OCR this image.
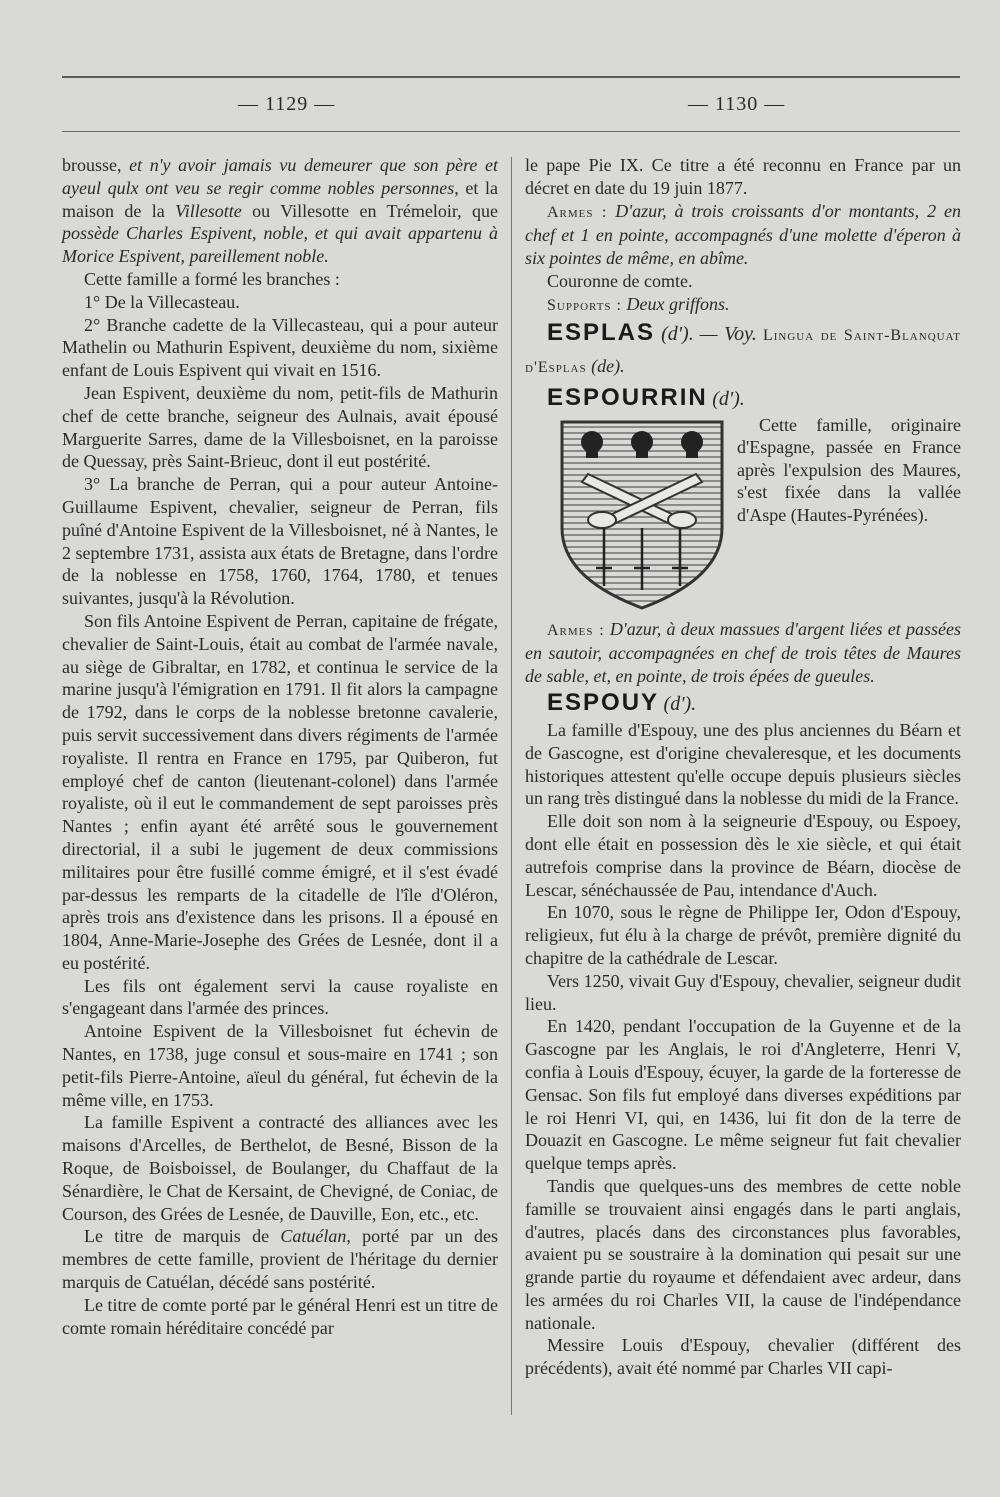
— 1129 —	— 1130 —

brousse, et n'y avoir jamais vu demeurer que son père et ayeul qulx ont veu se regir comme nobles personnes, et la maison de la Villesotte ou Villesotte en Trémeloir, que possède Charles Espivent, noble, et qui avait appartenu à Morice Espivent, pareillement noble.

Cette famille a formé les branches :

1° De la Villecasteau.

2° Branche cadette de la Villecasteau, qui a pour auteur Mathelin ou Mathurin Espivent, deuxième du nom, sixième enfant de Louis Espivent qui vivait en 1516.

Jean Espivent, deuxième du nom, petit-fils de Mathurin chef de cette branche, seigneur des Aulnais, avait épousé Marguerite Sarres, dame de la Villesboisnet, en la paroisse de Quessay, près Saint-Brieuc, dont il eut postérité.

3° La branche de Perran, qui a pour auteur Antoine-Guillaume Espivent, chevalier, seigneur de Perran, fils puîné d'Antoine Espivent de la Villesboisnet, né à Nantes, le 2 septembre 1731, assista aux états de Bretagne, dans l'ordre de la noblesse en 1758, 1760, 1764, 1780, et tenues suivantes, jusqu'à la Révolution.

Son fils Antoine Espivent de Perran, capitaine de frégate, chevalier de Saint-Louis, était au combat de l'armée navale, au siège de Gibraltar, en 1782, et continua le service de la marine jusqu'à l'émigration en 1791. Il fit alors la campagne de 1792, dans le corps de la noblesse bretonne cavalerie, puis servit successivement dans divers régiments de l'armée royaliste. Il rentra en France en 1795, par Quiberon, fut employé chef de canton (lieutenant-colonel) dans l'armée royaliste, où il eut le commandement de sept paroisses près Nantes ; enfin ayant été arrêté sous le gouvernement directorial, il a subi le jugement de deux commissions militaires pour être fusillé comme émigré, et il s'est évadé par-dessus les remparts de la citadelle de l'île d'Oléron, après trois ans d'existence dans les prisons. Il a épousé en 1804, Anne-Marie-Josephe des Grées de Lesnée, dont il a eu postérité.

Les fils ont également servi la cause royaliste en s'engageant dans l'armée des princes.

Antoine Espivent de la Villesboisnet fut échevin de Nantes, en 1738, juge consul et sous-maire en 1741 ; son petit-fils Pierre-Antoine, aïeul du général, fut échevin de la même ville, en 1753.

La famille Espivent a contracté des alliances avec les maisons d'Arcelles, de Berthelot, de Besné, Bisson de la Roque, de Boisboissel, de Boulanger, du Chaffaut de la Sénardière, le Chat de Kersaint, de Chevigné, de Coniac, de Courson, des Grées de Lesnée, de Dauville, Eon, etc., etc.

Le titre de marquis de Catuélan, porté par un des membres de cette famille, provient de l'héritage du dernier marquis de Catuélan, décédé sans postérité.

Le titre de comte porté par le général Henri est un titre de comte romain héréditaire concédé par

le pape Pie IX. Ce titre a été reconnu en France par un décret en date du 19 juin 1877.

Armes : D'azur, à trois croissants d'or montants, 2 en chef et 1 en pointe, accompagnés d'une molette d'éperon à six pointes de même, en abîme.

Couronne de comte.

Supports : Deux griffons.

ESPLAS (d'). — Voy. Lingua de Saint-Blanquat d'Esplas (de).

ESPOURRIN (d').

Cette famille, originaire d'Espagne, passée en France après l'expulsion des Maures, s'est fixée dans la vallée d'Aspe (Hautes-Pyrénées).

Armes : D'azur, à deux massues d'argent liées et passées en sautoir, accompagnées en chef de trois têtes de Maures de sable, et, en pointe, de trois épées de gueules.

ESPOUY (d').

La famille d'Espouy, une des plus anciennes du Béarn et de Gascogne, est d'origine chevaleresque, et les documents historiques attestent qu'elle occupe depuis plusieurs siècles un rang très distingué dans la noblesse du midi de la France.

Elle doit son nom à la seigneurie d'Espouy, ou Espoey, dont elle était en possession dès le xie siècle, et qui était autrefois comprise dans la province de Béarn, diocèse de Lescar, sénéchaussée de Pau, intendance d'Auch.

En 1070, sous le règne de Philippe Ier, Odon d'Espouy, religieux, fut élu à la charge de prévôt, première dignité du chapitre de la cathédrale de Lescar.

Vers 1250, vivait Guy d'Espouy, chevalier, seigneur dudit lieu.

En 1420, pendant l'occupation de la Guyenne et de la Gascogne par les Anglais, le roi d'Angleterre, Henri V, confia à Louis d'Espouy, écuyer, la garde de la forteresse de Gensac. Son fils fut employé dans diverses expéditions par le roi Henri VI, qui, en 1436, lui fit don de la terre de Douazit en Gascogne. Le même seigneur fut fait chevalier quelque temps après.

Tandis que quelques-uns des membres de cette noble famille se trouvaient ainsi engagés dans le parti anglais, d'autres, placés dans des circonstances plus favorables, avaient pu se soustraire à la domination qui pesait sur une grande partie du royaume et défendaient avec ardeur, dans les armées du roi Charles VII, la cause de l'indépendance nationale.

Messire Louis d'Espouy, chevalier (différent des précédents), avait été nommé par Charles VII capi-
